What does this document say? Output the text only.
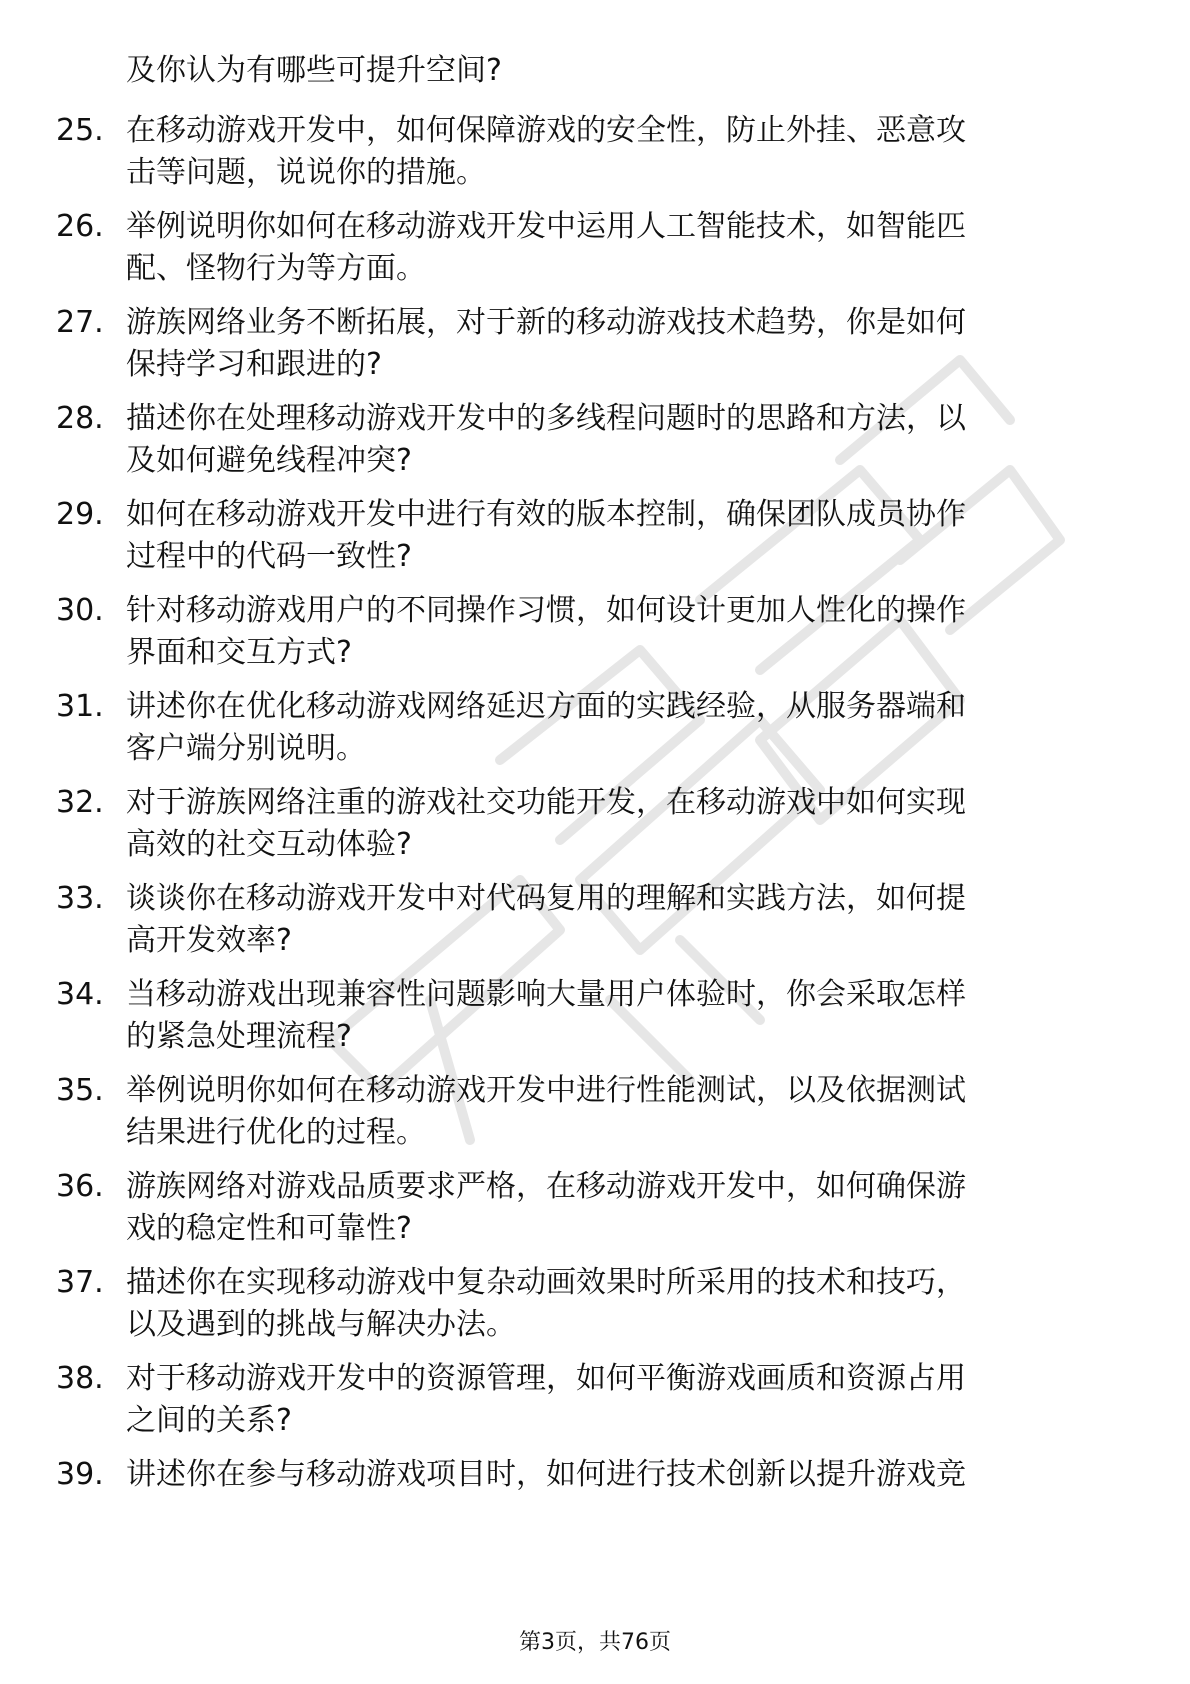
及你认为有哪些可提升空间?
25. 在移动游戏开发中，如何保障游戏的安全性，防止外挂、恶意攻
击等问题，说说你的措施。
26. 举例说明你如何在移动游戏开发中运用人工智能技术，如智能匹
配、怪物行为等方面。
27. 游族网络业务不断拓展，对于新的移动游戏技术趋势，你是如何
保持学习和跟进的?
28. 描述你在处理移动游戏开发中的多线程问题时的思路和方法，以
及如何避免线程冲突?
29. 如何在移动游戏开发中进行有效的版本控制，确保团队成员协作
过程中的代码一致性?
30. 针对移动游戏用户的不同操作习惯，如何设计更加人性化的操作
界面和交互方式?
31. 讲述你在优化移动游戏网络延迟方面的实践经验，从服务器端和
客户端分别说明。
32. 对于游族网络注重的游戏社交功能开发，在移动游戏中如何实现
高效的社交互动体验?
33. 谈谈你在移动游戏开发中对代码复用的理解和实践方法，如何提
高开发效率?
34. 当移动游戏出现兼容性问题影响大量用户体验时，你会采取怎样
的紧急处理流程?
35. 举例说明你如何在移动游戏开发中进行性能测试，以及依据测试
结果进行优化的过程。
36. 游族网络对游戏品质要求严格，在移动游戏开发中，如何确保游
戏的稳定性和可靠性?
37. 描述你在实现移动游戏中复杂动画效果时所采用的技术和技巧，
以及遇到的挑战与解决办法。
38. 对于移动游戏开发中的资源管理，如何平衡游戏画质和资源占用
之间的关系?
39. 讲述你在参与移动游戏项目时，如何进行技术创新以提升游戏竞
第3页，共76页
